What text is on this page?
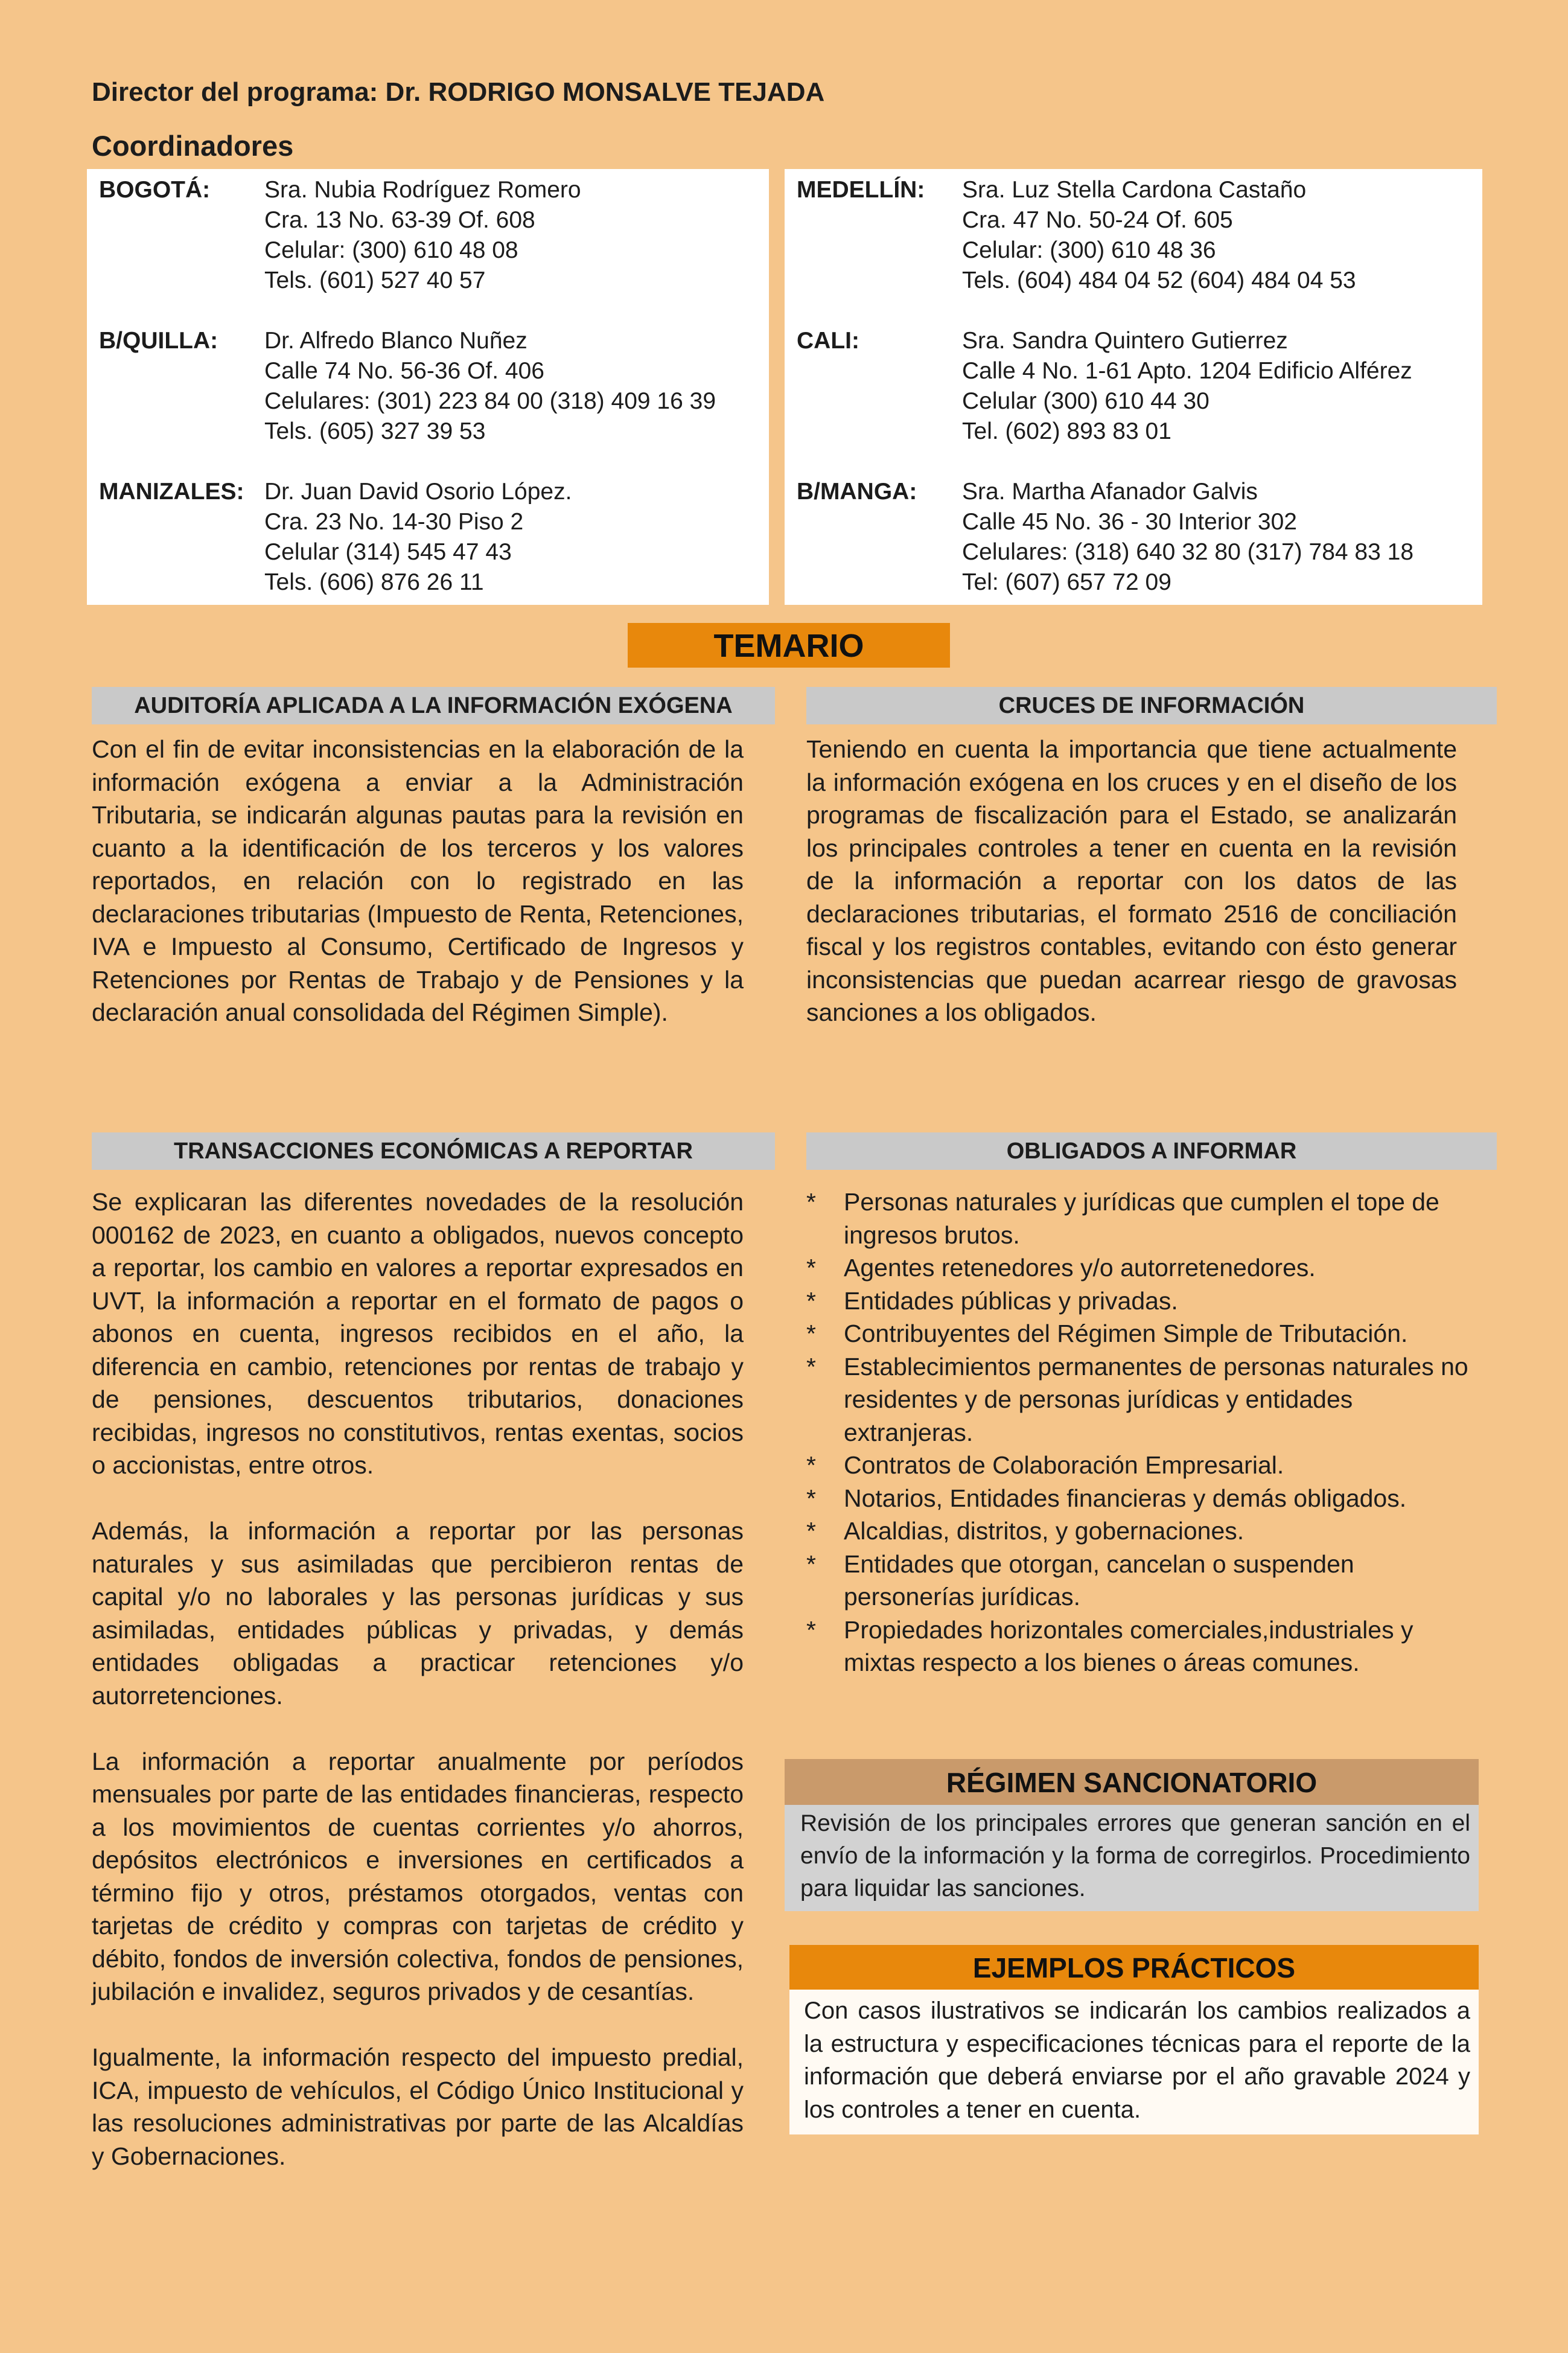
Director del programa: Dr. RODRIGO MONSALVE TEJADA
Coordinadores
BOGOTÁ:	Sra. Nubia Rodríguez Romero
Cra. 13 No. 63-39 Of. 608
Celular: (300) 610 48 08
Tels. (601) 527 40 57
B/QUILLA:	Dr. Alfredo Blanco Nuñez
Calle 74 No. 56-36 Of. 406
Celulares: (301) 223 84 00 (318) 409 16 39
Tels. (605) 327 39 53
MANIZALES: Dr. Juan David Osorio López.
Cra. 23 No. 14-30 Piso 2
Celular (314) 545 47 43
Tels. (606) 876 26 11
MEDELLÍN:	Sra. Luz Stella Cardona Castaño
Cra. 47 No. 50-24 Of. 605
Celular: (300) 610 48 36
Tels. (604) 484 04 52 (604) 484 04 53
CALI:	Sra. Sandra Quintero Gutierrez
Calle 4 No. 1-61 Apto. 1204 Edificio Alférez
Celular (300) 610 44 30
Tel. (602) 893 83 01
B/MANGA:	Sra. Martha Afanador Galvis
Calle 45 No. 36 - 30 Interior 302
Celulares: (318) 640 32 80 (317) 784 83 18
Tel: (607) 657 72 09
TEMARIO
AUDITORÍA APLICADA A LA INFORMACIÓN EXÓGENA

Con el fin de evitar inconsistencias en la elaboración de la información exógena a enviar a la Administración Tributaria, se indicarán algunas pautas para la revisión en cuanto a la identificación de los terceros y los valores reportados, en relación con lo registrado en las declaraciones tributarias (Impuesto de Renta, Retenciones, IVA e Impuesto al Consumo, Certificado de Ingresos y Retenciones por Rentas de Trabajo y de Pensiones y la declaración anual consolidada del Régimen Simple).

CRUCES DE INFORMACIÓN

Teniendo en cuenta la importancia que tiene actualmente la información exógena en los cruces y en el diseño de los programas de fiscalización para el Estado, se analizarán los principales controles a tener en cuenta en la revisión de la información a reportar con los datos de las declaraciones tributarias, el formato 2516 de conciliación fiscal y los registros contables, evitando con ésto generar inconsistencias que puedan acarrear riesgo de gravosas sanciones a los obligados.

TRANSACCIONES ECONÓMICAS A REPORTAR

Se explicaran las diferentes novedades de la resolución 000162 de 2023, en cuanto a obligados, nuevos concepto a reportar, los cambio en valores a reportar expresados en UVT, la información a reportar en el formato de pagos o abonos en cuenta, ingresos recibidos en el año, la diferencia en cambio, retenciones por rentas de trabajo y de pensiones, descuentos tributarios, donaciones recibidas, ingresos no constitutivos, rentas exentas, socios o accionistas, entre otros.

Además, la información a reportar por las personas naturales y sus asimiladas que percibieron rentas de capital y/o no laborales y las personas jurídicas y sus asimiladas, entidades públicas y privadas, y demás entidades obligadas a practicar retenciones y/o autorretenciones.

La información a reportar anualmente por períodos mensuales por parte de las entidades financieras, respecto a los movimientos de cuentas corrientes y/o ahorros, depósitos electrónicos e inversiones en certificados a término fijo y otros, préstamos otorgados, ventas con tarjetas de crédito y compras con tarjetas de crédito y débito, fondos de inversión colectiva, fondos de pensiones, jubilación e invalidez, seguros privados y de cesantías.

Igualmente, la información respecto del impuesto predial, ICA, impuesto de vehículos, el Código Único Institucional y las resoluciones administrativas por parte de las Alcaldías y Gobernaciones.

OBLIGADOS A INFORMAR
* Personas naturales y jurídicas que cumplen el tope de ingresos brutos.
* Agentes retenedores y/o autorretenedores.
* Entidades públicas y privadas.
* Contribuyentes del Régimen Simple de Tributación.
* Establecimientos permanentes de personas naturales no residentes y de personas jurídicas y entidades extranjeras.
* Contratos de Colaboración Empresarial.
* Notarios, Entidades financieras y demás obligados.
* Alcaldias, distritos, y gobernaciones.
* Entidades que otorgan, cancelan o suspenden personerías jurídicas.
* Propiedades horizontales comerciales,industriales y mixtas respecto a los bienes o áreas comunes.
RÉGIMEN SANCIONATORIO
Revisión de los principales errores que generan sanción en el envío de la información y la forma de corregirlos. Procedimiento para liquidar las sanciones.
EJEMPLOS PRÁCTICOS
Con casos ilustrativos se indicarán los cambios realizados a la estructura y especificaciones técnicas para el reporte de la información que deberá enviarse por el año gravable 2024 y los controles a tener en cuenta.
